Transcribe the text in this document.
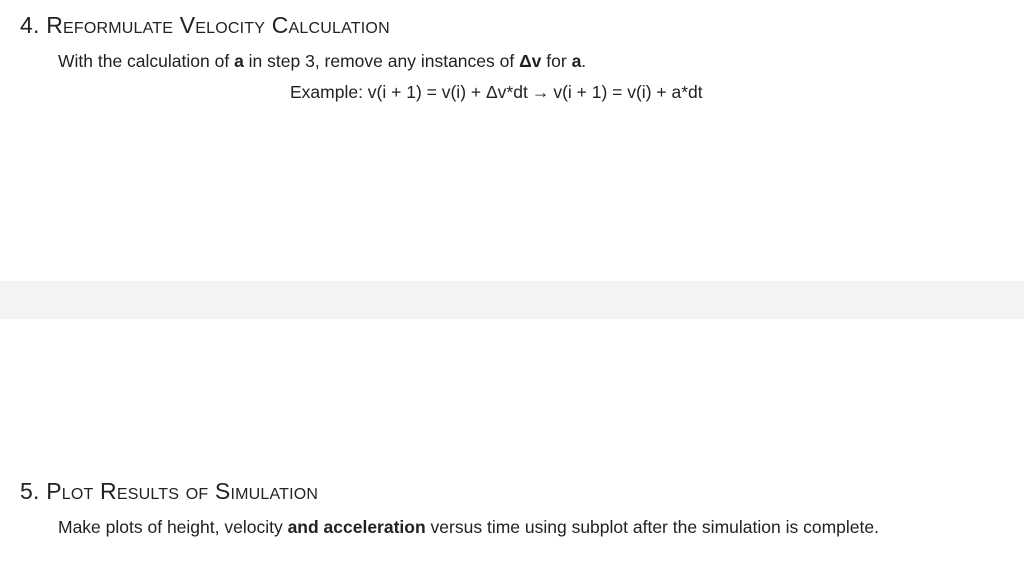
4. Reformulate Velocity Calculation
With the calculation of a in step 3, remove any instances of Δv for a.
Example: v(i + 1) = v(i) + Δv*dt → v(i + 1) = v(i) + a*dt
5. Plot Results of Simulation
Make plots of height, velocity and acceleration versus time using subplot after the simulation is complete.
